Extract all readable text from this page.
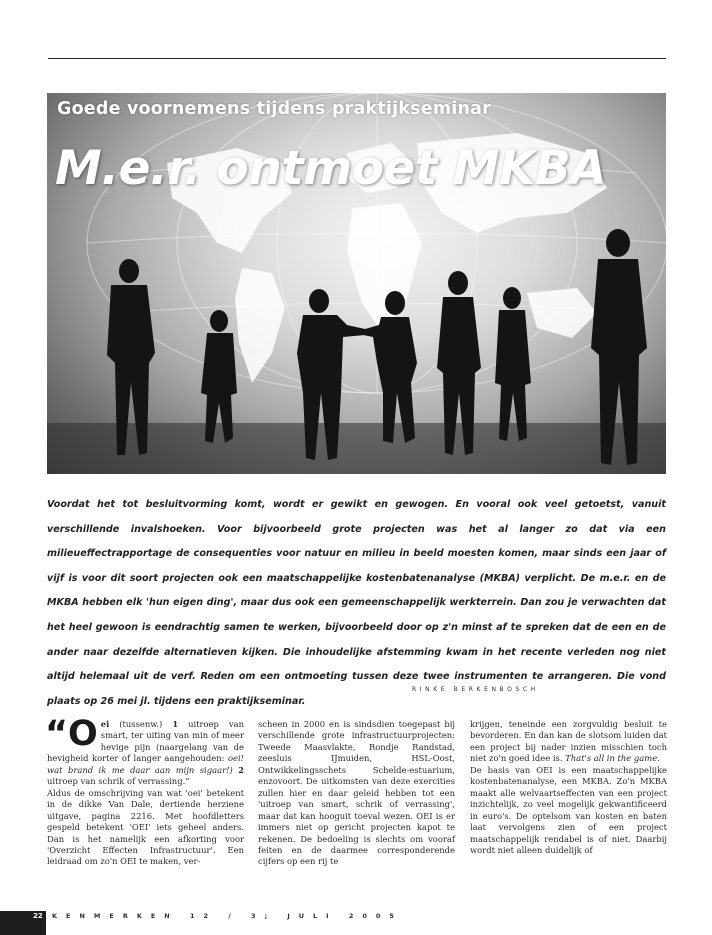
Goede voornemens tijdens praktijkseminar
M.e.r. ontmoet MKBA
Voordat het tot besluitvorming komt, wordt er gewikt en gewogen. En vooral ook veel getoetst, vanuit verschillende invalshoeken. Voor bijvoorbeeld grote projecten was het al langer zo dat via een milieueffectrapportage de consequenties voor natuur en milieu in beeld moesten komen, maar sinds een jaar of vijf is voor dit soort projecten ook een maatschappelijke kostenbatenanalyse (MKBA) verplicht. De m.e.r. en de MKBA hebben elk 'hun eigen ding', maar dus ook een gemeenschappelijk werkterrein. Dan zou je verwachten dat het heel gewoon is eendrachtig samen te werken, bijvoorbeeld door op z'n minst af te spreken dat de een en de ander naar dezelfde alternatieven kijken. Die inhoudelijke afstemming kwam in het recente verleden nog niet altijd helemaal uit de verf. Reden om een ontmoeting tussen deze twee instrumenten te arrangeren. Die vond plaats op 26 mei jl. tijdens een praktijkseminar.
RINKE BERKENBOSCH

“Oei (tussenw.) 1 uitroep van smart, ter uiting van min of meer hevige pijn (naargelang van de hevigheid korter of langer aangehouden: oei! wat brand ik me daar aan mijn sigaar!) 2 uitroep van schrik of verrassing.”

Aldus de omschrijving van wat 'oei' betekent in de dikke Van Dale, dertiende herziene uitgave, pagina 2216. Met hoofdletters gespeld betekent 'OEI' iets geheel anders. Dan is het namelijk een afkorting voor 'Overzicht Effecten Infrastructuur'. Een leidraad om zo'n OEI te maken, ver-

scheen in 2000 en is sindsdien toegepast bij verschillende grote infrastructuurprojecten: Tweede Maasvlakte, Rondje Randstad, zeesluis IJmuiden, HSL-Oost, Ontwikkelingsschets Schelde-estuarium, enzovoort. De uitkomsten van deze exercities zullen hier en daar geleid hebben tot een 'uitroep van smart, schrik of verrassing', maar dat kan hooguit toeval wezen. OEI is er immers niet op gericht projecten kapot te rekenen. De bedoeling is slechts om vooraf feiten en de daarmee corresponderende cijfers op een rij te

krijgen, teneinde een zorgvuldig besluit te bevorderen. En dan kan de slotsom luiden dat een project bij nader inzien misschien toch niet zo'n goed idee is. That's all in the game.

De basis van OEI is een maatschappelijke kostenbatenanalyse, een MKBA. Zo'n MKBA maakt alle welvaartseffecten van een project inzichtelijk, zo veel mogelijk gekwantificeerd in euro's. De optelsom van kosten en baten laat vervolgens zien of een project maatschappelijk rendabel is of niet. Daarbij wordt niet alleen duidelijk of

22 KENMERKEN 12 / 3; JULI 2005
